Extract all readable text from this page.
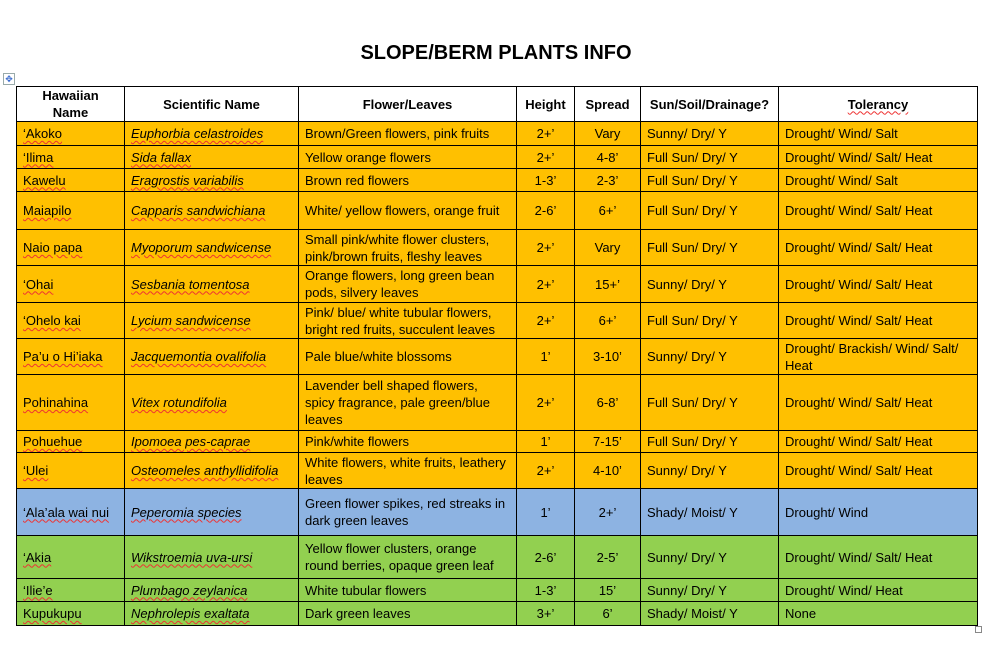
SLOPE/BERM PLANTS INFO
✥
Hawaiian Name	Scientific Name	Flower/Leaves	Height	Spread	Sun/Soil/Drainage?	Tolerancy
‘Akoko	Euphorbia celastroides	Brown/Green flowers, pink fruits	2+’	Vary	Sunny/ Dry/ Y	Drought/ Wind/ Salt
‘Ilima	Sida fallax	Yellow orange flowers	2+’	4-8’	Full Sun/ Dry/ Y	Drought/ Wind/ Salt/ Heat
Kawelu	Eragrostis variabilis	Brown red flowers	1-3’	2-3’	Full Sun/ Dry/ Y	Drought/ Wind/ Salt
Maiapilo	Capparis sandwichiana	White/ yellow flowers, orange fruit	2-6’	6+’	Full Sun/ Dry/ Y	Drought/ Wind/ Salt/ Heat
Naio papa	Myoporum sandwicense	Small pink/white flower clusters, pink/brown fruits, fleshy leaves	2+’	Vary	Full Sun/ Dry/ Y	Drought/ Wind/ Salt/ Heat
‘Ohai	Sesbania tomentosa	Orange flowers, long green bean pods, silvery leaves	2+’	15+’	Sunny/ Dry/ Y	Drought/ Wind/ Salt/ Heat
‘Ohelo kai	Lycium sandwicense	Pink/ blue/ white tubular flowers, bright red fruits, succulent leaves	2+’	6+’	Full Sun/ Dry/ Y	Drought/ Wind/ Salt/ Heat
Pa’u o Hi’iaka	Jacquemontia ovalifolia	Pale blue/white blossoms	1’	3-10’	Sunny/ Dry/ Y	Drought/ Brackish/ Wind/ Salt/ Heat
Pohinahina	Vitex rotundifolia	Lavender bell shaped flowers, spicy fragrance, pale green/blue leaves	2+’	6-8’	Full Sun/ Dry/ Y	Drought/ Wind/ Salt/ Heat
Pohuehue	Ipomoea pes-caprae	Pink/white flowers	1’	7-15’	Full Sun/ Dry/ Y	Drought/ Wind/ Salt/ Heat
‘Ulei	Osteomeles anthyllidifolia	White flowers, white fruits, leathery leaves	2+’	4-10’	Sunny/ Dry/ Y	Drought/ Wind/ Salt/ Heat
‘Ala’ala wai nui	Peperomia species	Green flower spikes, red streaks in dark green leaves	1’	2+’	Shady/ Moist/ Y	Drought/ Wind
‘Akia	Wikstroemia uva-ursi	Yellow flower clusters, orange round berries, opaque green leaf	2-6’	2-5’	Sunny/ Dry/ Y	Drought/ Wind/ Salt/ Heat
‘Ilie’e	Plumbago zeylanica	White tubular flowers	1-3’	15’	Sunny/ Dry/ Y	Drought/ Wind/ Heat
Kupukupu	Nephrolepis exaltata	Dark green leaves	3+’	6’	Shady/ Moist/ Y	None
